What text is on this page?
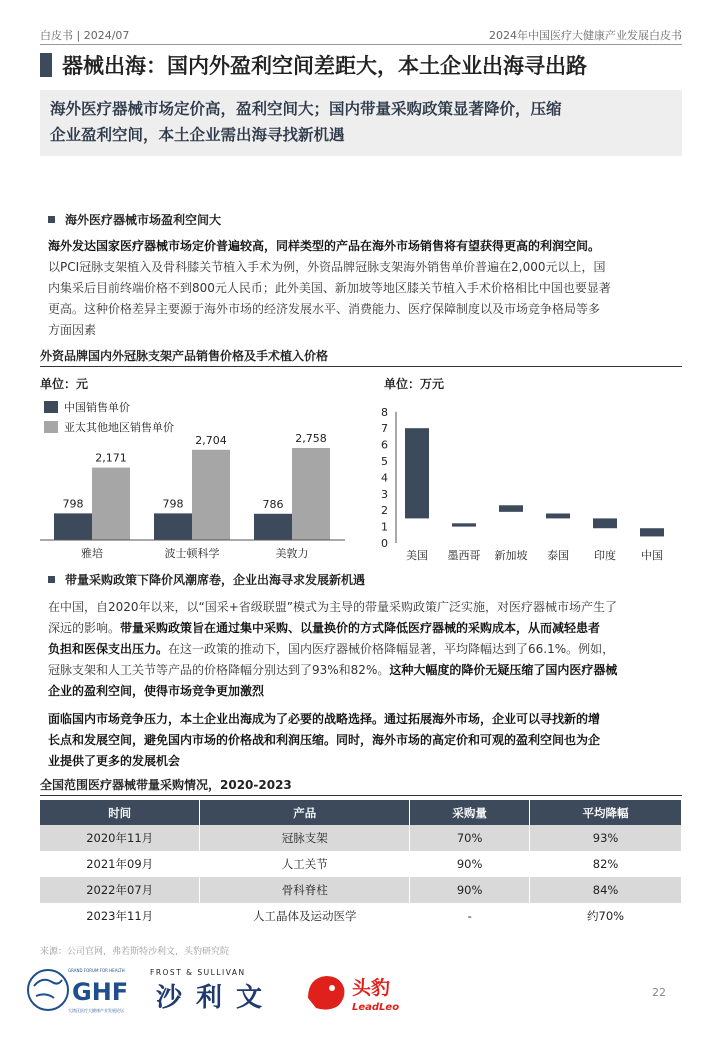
白皮书 | 2024/07	2024年中国医疗大健康产业发展白皮书
器械出海：国内外盈利空间差距大，本土企业出海寻出路

海外医疗器械市场定价高，盈利空间大；国内带量采购政策显著降价，压缩

企业盈利空间，本土企业需出海寻找新机遇

海外医疗器械市场盈利空间大
海外发达国家医疗器械市场定价普遍较高，同样类型的产品在海外市场销售将有望获得更高的利润空间。
以PCI冠脉支架植入及骨科膝关节植入手术为例，外资品牌冠脉支架海外销售单价普遍在2,000元以上，国
内集采后目前终端价格不到800元人民币；此外美国、新加坡等地区膝关节植入手术价格相比中国也要显著
更高。这种价格差异主要源于海外市场的经济发展水平、消费能力、医疗保障制度以及市场竞争格局等多
方面因素
外资品牌国内外冠脉支架产品销售价格及手术植入价格
单位：元	单位：万元
中国销售单价
亚太其他地区销售单价
798
2,171
雅培
798
2,704
波士顿科学
786
2,758
美敦力
0
1
2
3
4
5
6
7
8
美国 墨西哥 新加坡 泰国 印度 中国
带量采购政策下降价风潮席卷，企业出海寻求发展新机遇
在中国，自2020年以来，以“国采+省级联盟”模式为主导的带量采购政策广泛实施，对医疗器械市场产生了
深远的影响。带量采购政策旨在通过集中采购、以量换价的方式降低医疗器械的采购成本，从而减轻患者
负担和医保支出压力。在这一政策的推动下，国内医疗器械价格降幅显著，平均降幅达到了66.1%。例如，
冠脉支架和人工关节等产品的价格降幅分别达到了93%和82%。这种大幅度的降价无疑压缩了国内医疗器械
企业的盈利空间，使得市场竞争更加激烈
面临国内市场竞争压力，本土企业出海成为了必要的战略选择。通过拓展海外市场，企业可以寻找新的增
长点和发展空间，避免国内市场的价格战和利润压缩。同时，海外市场的高定价和可观的盈利空间也为企
业提供了更多的发展机会
全国范围医疗器械带量采购情况，2020-2023
时间	产品	采购量	平均降幅
2020年11月	冠脉支架	70%	93%
2021年09月	人工关节	90%	82%
2022年07月	骨科脊柱	90%	84%
2023年11月	人工晶体及运动医学	-	约70%
来源：公司官网，弗若斯特沙利文，头豹研究院
GHF
GRAND FORUM FOR HEALTH
大湾区医疗大健康产业发展论坛
FROST & SULLIVAN
沙利文	头豹
LeadLeo
22
